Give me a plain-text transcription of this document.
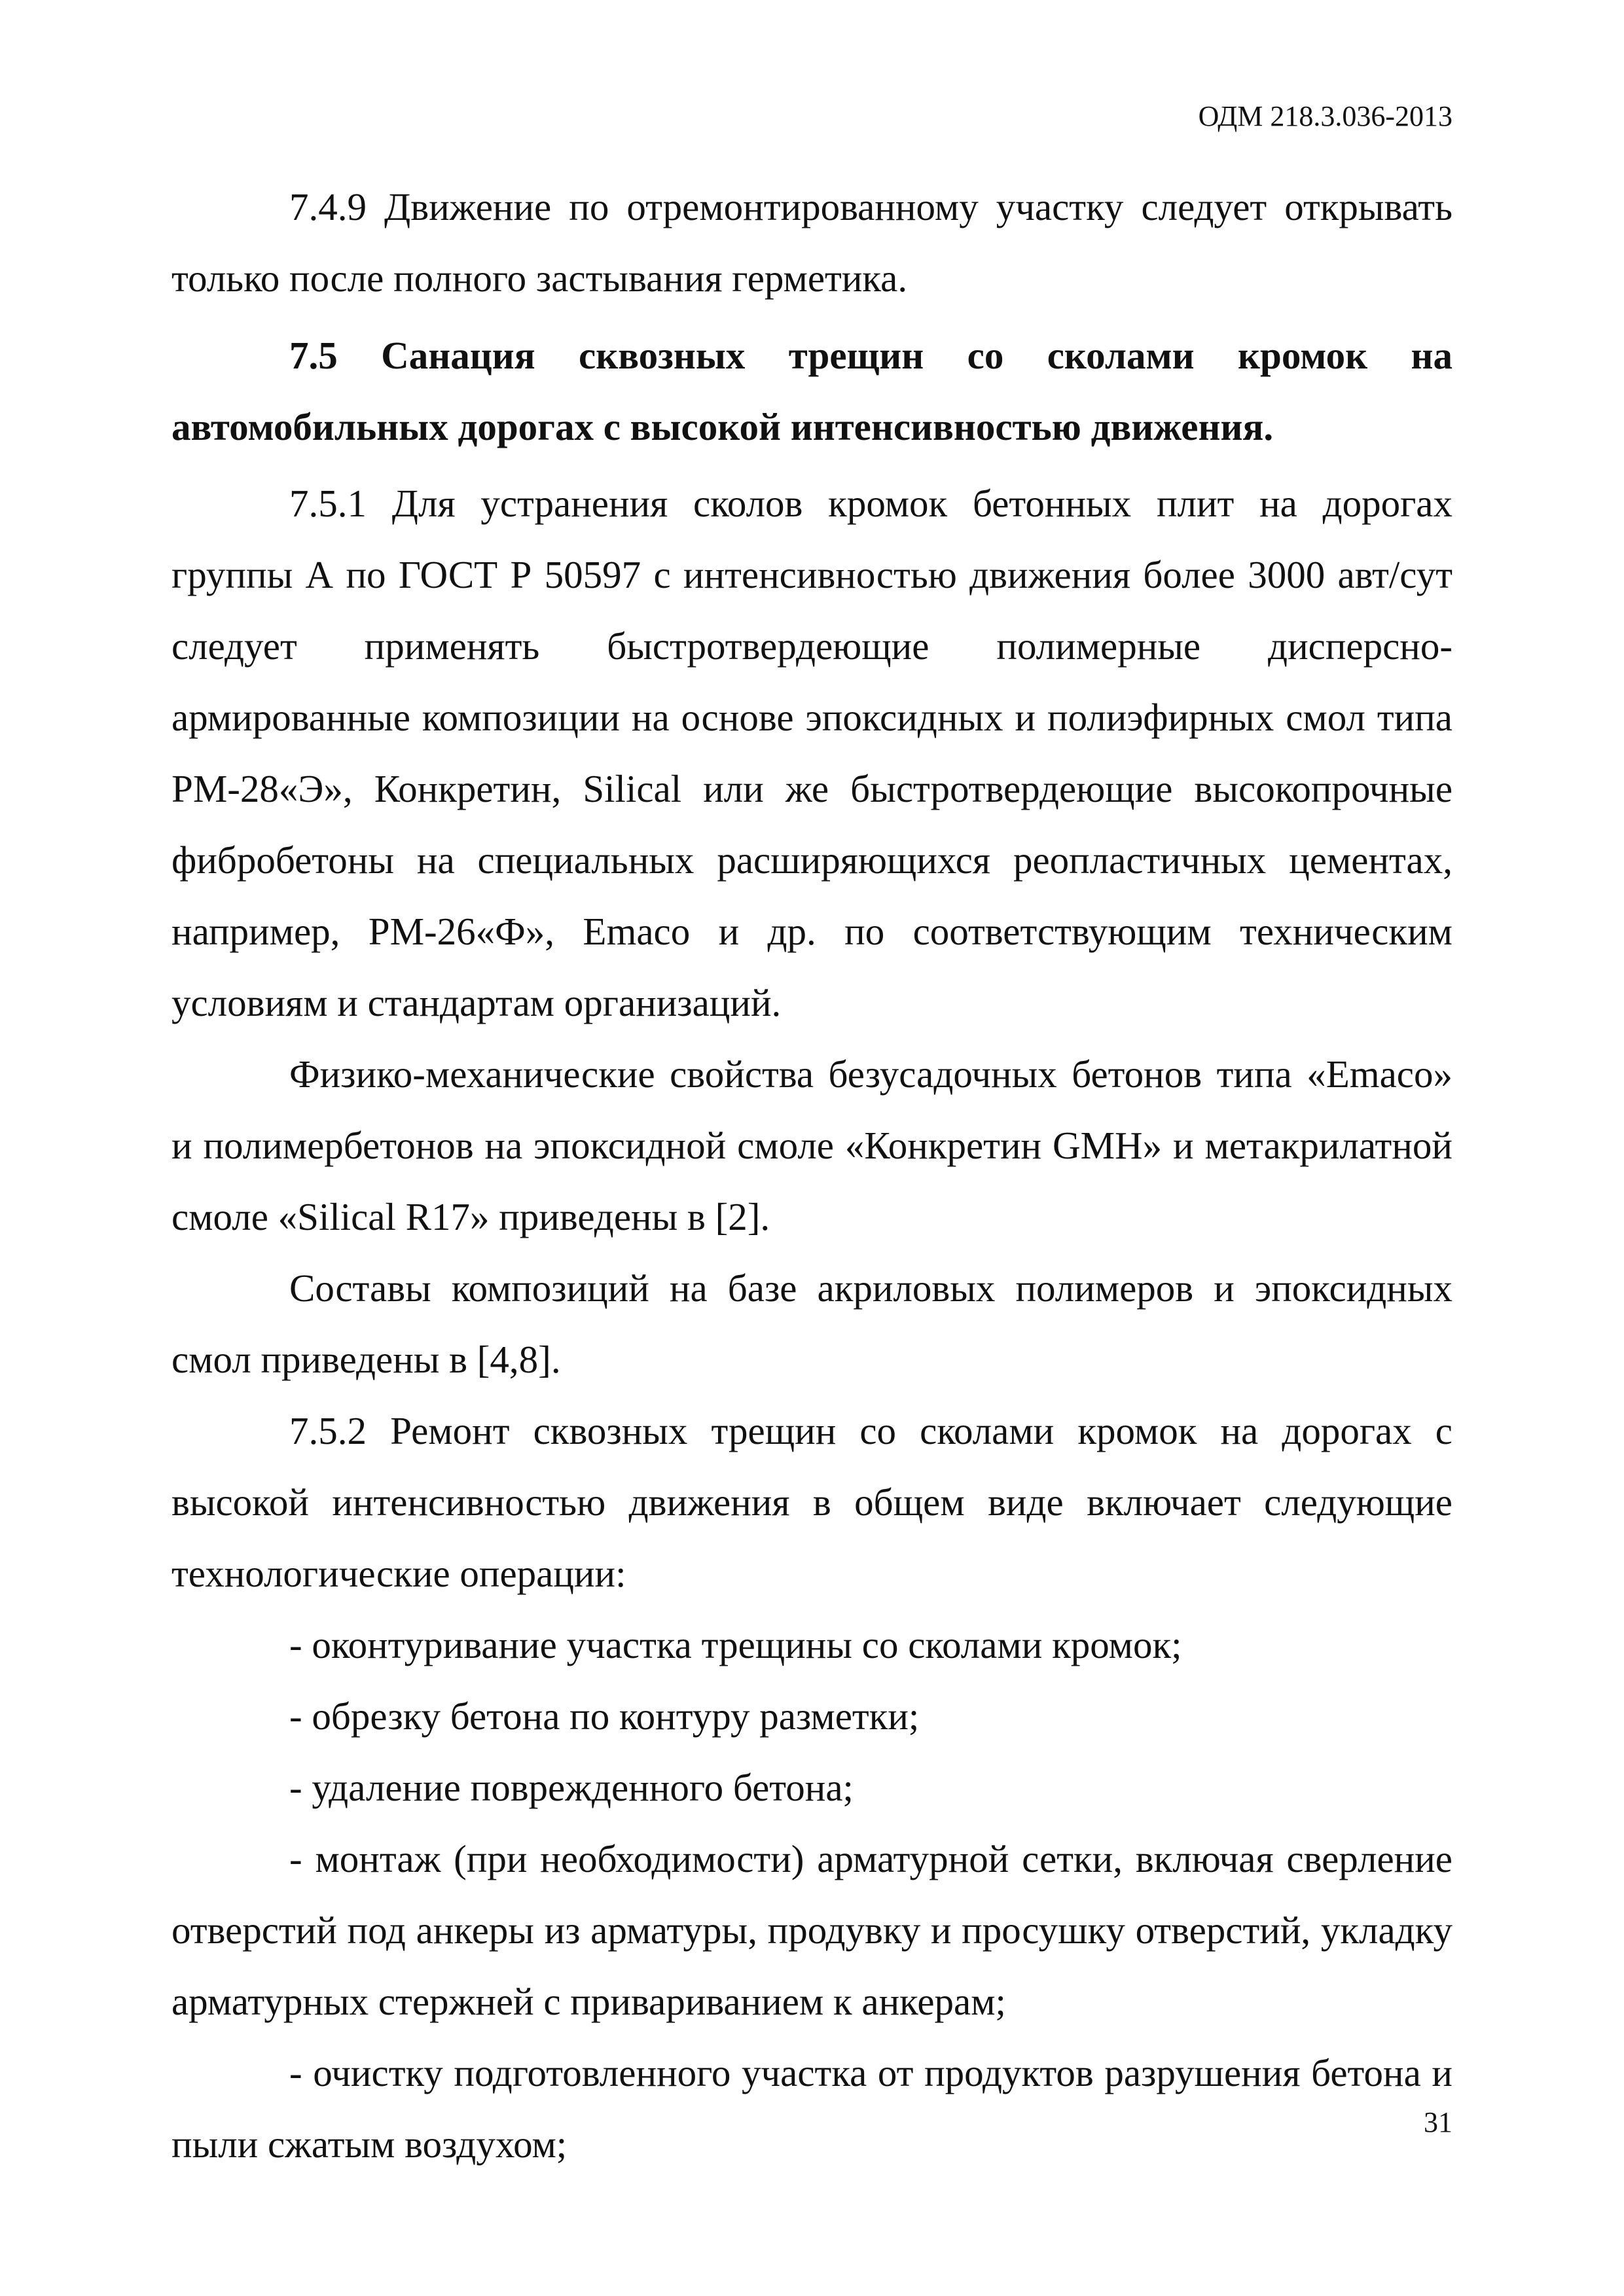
ОДМ 218.3.036-2013

7.4.9 Движение по отремонтированному участку следует открывать только после полного застывания герметика.

7.5 Санация сквозных трещин со сколами кромок на автомобильных дорогах с высокой интенсивностью движения.

7.5.1 Для устранения сколов кромок бетонных плит на дорогах группы А по ГОСТ Р 50597 с интенсивностью движения более 3000 авт/сут следует применять быстротвердеющие полимерные дисперсно-армированные композиции на основе эпоксидных и полиэфирных смол типа РМ-28«Э», Конкретин, Silical или же быстротвердеющие высокопрочные фибробетоны на специальных расширяющихся реопластичных цементах, например, РМ-26«Ф», Emaco и др. по соответствующим техническим условиям и стандартам организаций.

Физико-механические свойства безусадочных бетонов типа «Emaco» и полимербетонов на эпоксидной смоле «Конкретин GMH» и метакрилатной смоле «Silical R17» приведены в [2].

Составы композиций на базе акриловых полимеров и эпоксидных смол приведены в [4,8].

7.5.2 Ремонт сквозных трещин со сколами кромок на дорогах с высокой интенсивностью движения в общем виде включает следующие технологические операции:

- оконтуривание участка трещины со сколами кромок;

- обрезку бетона по контуру разметки;

- удаление поврежденного бетона;

- монтаж (при необходимости) арматурной сетки, включая сверление отверстий под анкеры из арматуры, продувку и просушку отверстий, укладку арматурных стержней с привариванием к анкерам;

- очистку подготовленного участка от продуктов разрушения бетона и пыли сжатым воздухом;

31
